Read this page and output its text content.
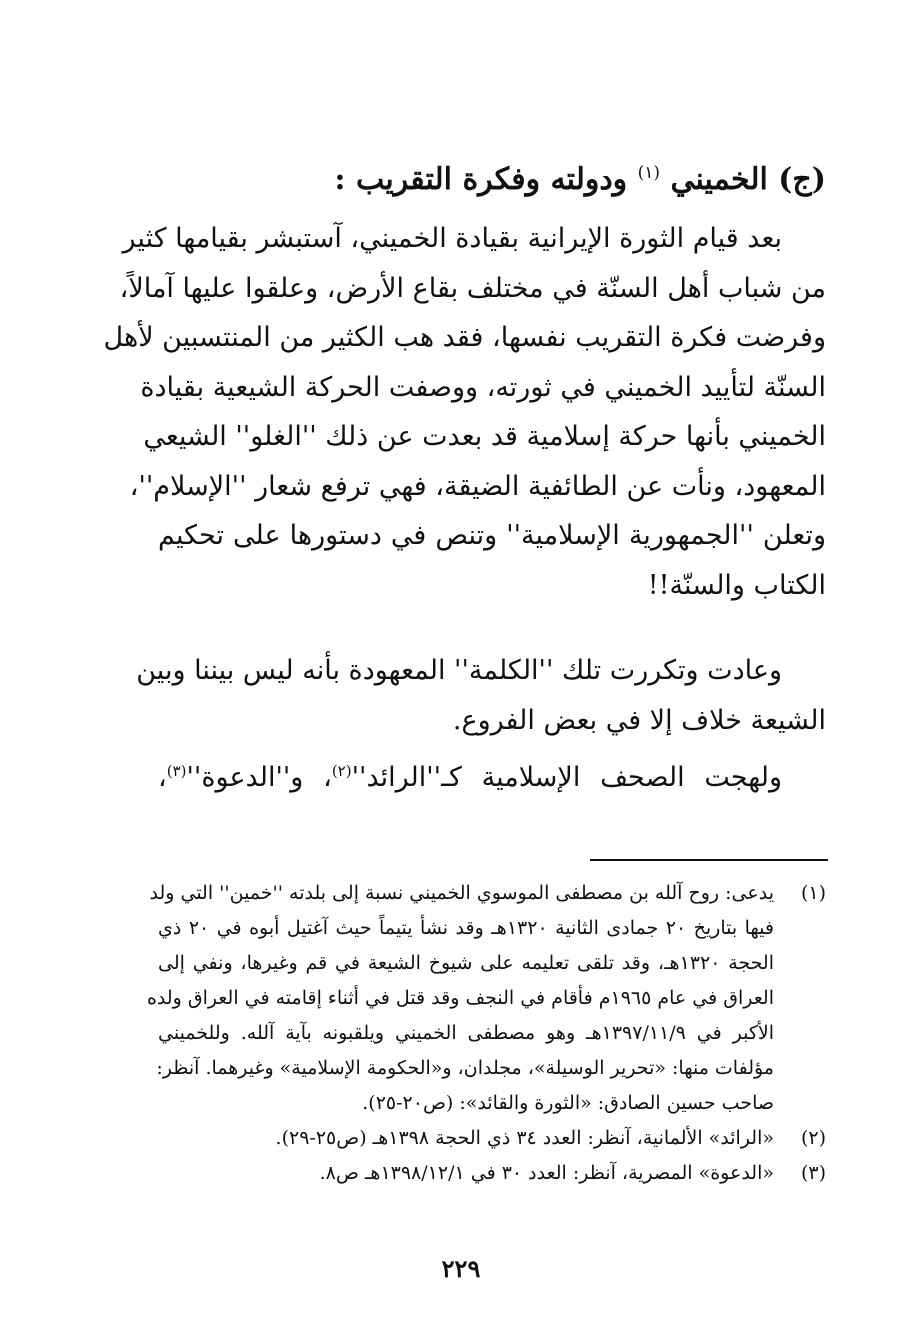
(ج) الخميني $^{(١)}$ ودولته وفكرة التقريب :
بعد قيام الثورة الإيرانية بقيادة الخميني، آستبشر بقيامها كثير
من شباب أهل السنّة في مختلف بقاع الأرض، وعلقوا عليها آمالاً،
وفرضت فكرة التقريب نفسها، فقد هب الكثير من المنتسبين لأهل
السنّة لتأييد الخميني في ثورته، ووصفت الحركة الشيعية بقيادة
الخميني بأنها حركة إسلامية قد بعدت عن ذلك ''الغلو'' الشيعي
المعهود، ونأت عن الطائفية الضيقة، فهي ترفع شعار ''الإسلام''،
وتعلن ''الجمهورية الإسلامية'' وتنص في دستورها على تحكيم
الكتاب والسنّة!!
وعادت وتكررت تلك ''الكلمة'' المعهودة بأنه ليس بيننا وبين
الشيعة خلاف إلا في بعض الفروع.
ولهجت الصحف الإسلامية كـ''الرائد''$^{(٢)}$، و''الدعوة''$^{(٣)}$،
(١)
يدعى: روح آلله بن مصطفى الموسوي الخميني نسبة إلى بلدته ''خمين'' التي ولد
فيها بتاريخ ٢٠ جمادى الثانية ١٣٢٠هـ وقد نشأ يتيماً حيث آغتيل أبوه في ٢٠ ذي
الحجة ١٣٢٠هـ، وقد تلقى تعليمه على شيوخ الشيعة في قم وغيرها، ونفي إلى
العراق في عام ١٩٦٥م فأقام في النجف وقد قتل في أثناء إقامته في العراق ولده
الأكبر في ١٣٩٧/١١/٩هـ وهو مصطفى الخميني ويلقبونه بآية آلله. وللخميني
مؤلفات منها: «تحرير الوسيلة»، مجلدان، و«الحكومة الإسلامية» وغيرهما. آنظر:
صاحب حسين الصادق: «الثورة والقائد»: (ص٢٠-٢٥).
(٢)
«الرائد» الألمانية، آنظر: العدد ٣٤ ذي الحجة ١٣٩٨هـ (ص٢٥-٢٩).
(٣)
«الدعوة» المصرية، آنظر: العدد ٣٠ في ١٣٩٨/١٢/١هـ ص٨.
٢٢٩
